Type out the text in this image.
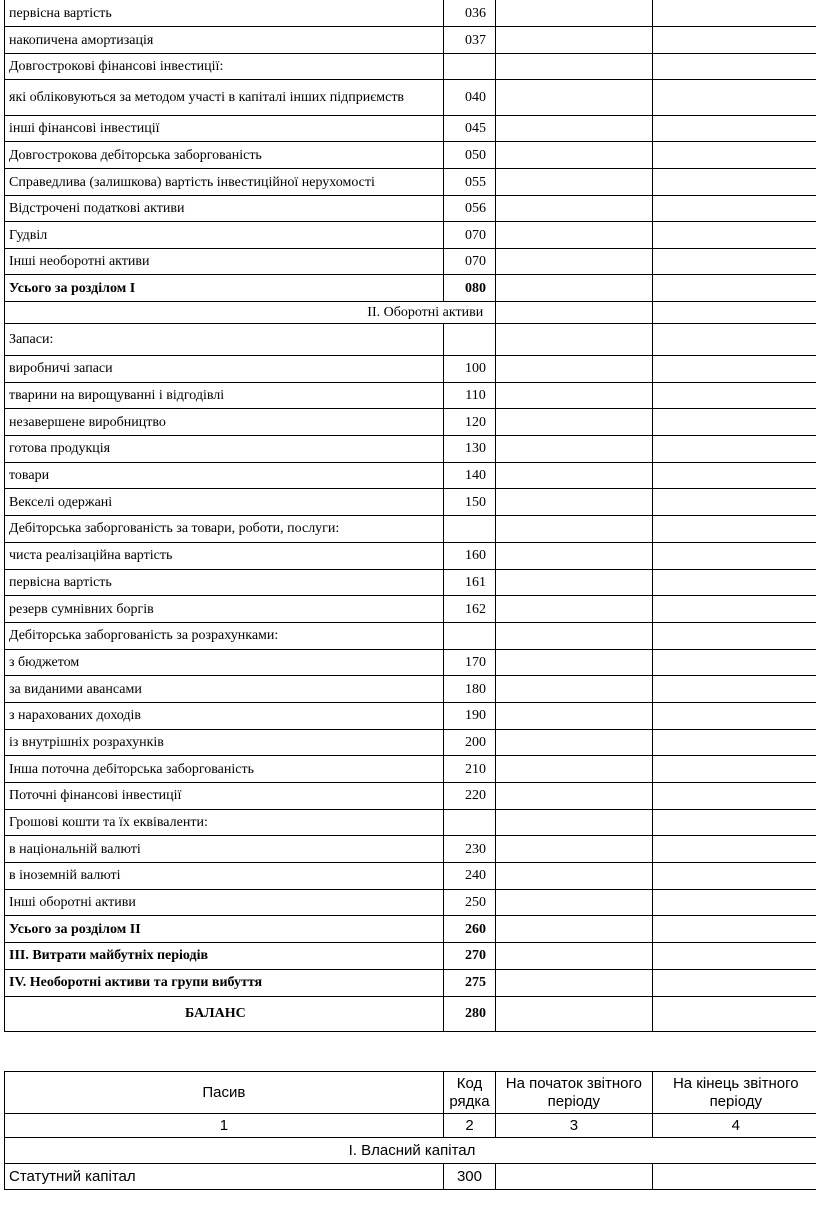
первісна вартість	036		
накопичена амортизація	037		
Довгострокові фінансові інвестиції:			
які обліковуються за методом участі в капіталі інших підприємств	040		
інші фінансові інвестиції	045		
Довгострокова дебіторська заборгованість	050		
Справедлива (залишкова) вартість інвестиційної нерухомості	055		
Відстрочені податкові активи	056		
Гудвіл	070		
Інші необоротні активи	070		
Усього за розділом I	080		
II. Оборотні активи			
Запаси:			
виробничі запаси	100		
тварини на вирощуванні і відгодівлі	110		
незавершене виробництво	120		
готова продукція	130		
товари	140		
Векселі одержані	150		
Дебіторська заборгованість за товари, роботи, послуги:			
чиста реалізаційна вартість	160		
первісна вартість	161		
резерв сумнівних боргів	162		
Дебіторська заборгованість за розрахунками:			
з бюджетом	170		
за виданими авансами	180		
з нарахованих доходів	190		
із внутрішніх розрахунків	200		
Інша поточна дебіторська заборгованість	210		
Поточні фінансові інвестиції	220		
Грошові кошти та їх еквіваленти:			
в національній валюті	230		
в іноземній валюті	240		
Інші оборотні активи	250		
Усього за розділом II	260		
III. Витрати майбутніх періодів	270		
IV. Необоротні активи та групи вибуття	275		
БАЛАНС	280		
Пасив	Код рядка	На початок звітного періоду	На кінець звітного періоду
1	2	3	4
I. Власний капітал			
Статутний капітал	300		
